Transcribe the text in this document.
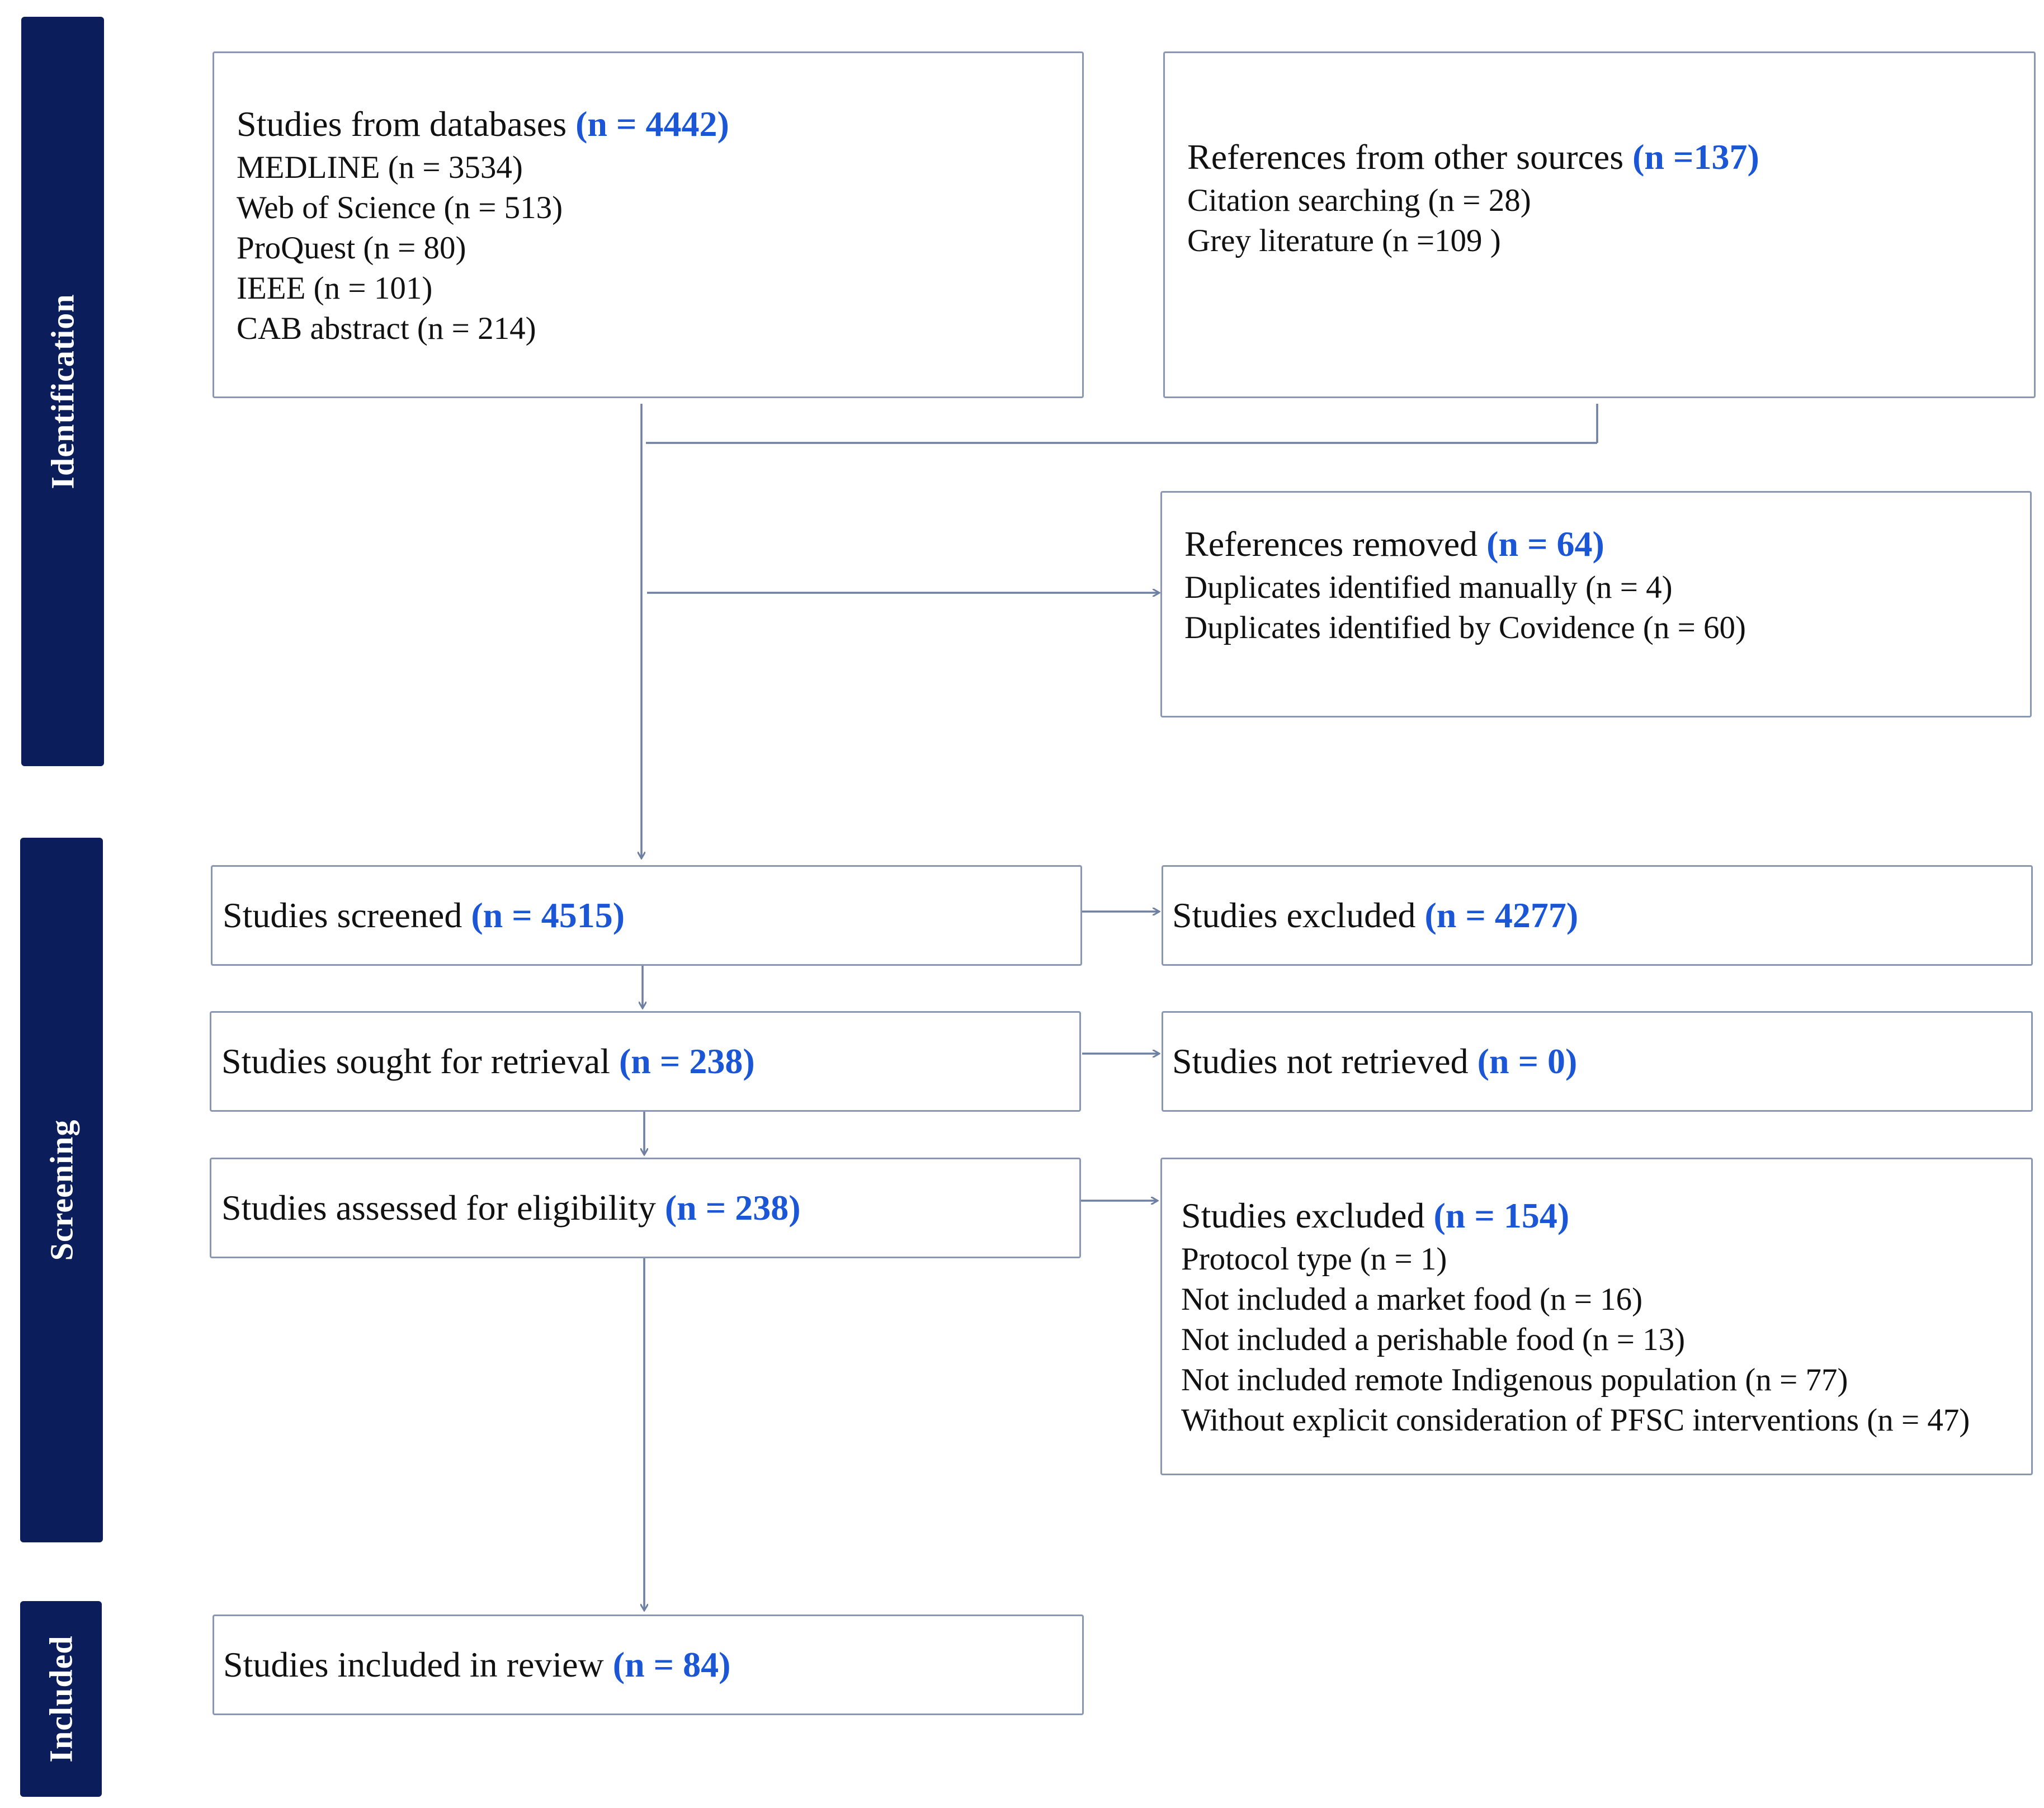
Identification
Screening
Included
Studies from databases (n = 4442)
MEDLINE (n = 3534)
Web of Science (n = 513)
ProQuest (n = 80)
IEEE (n = 101)
CAB abstract (n = 214)
References from other sources (n =137)
Citation searching (n = 28)
Grey literature (n =109 )
References removed (n = 64)
Duplicates identified manually (n = 4)
Duplicates identified by Covidence (n = 60)
Studies screened (n = 4515)	Studies excluded (n = 4277)
Studies sought for retrieval (n = 238)	Studies not retrieved (n = 0)
Studies assessed for eligibility (n = 238)	Studies excluded (n = 154)
Protocol type (n = 1)
Not included a market food (n = 16)
Not included a perishable food (n = 13)
Not included remote Indigenous population (n = 77)
Without explicit consideration of PFSC interventions (n = 47)
Studies included in review (n = 84)
